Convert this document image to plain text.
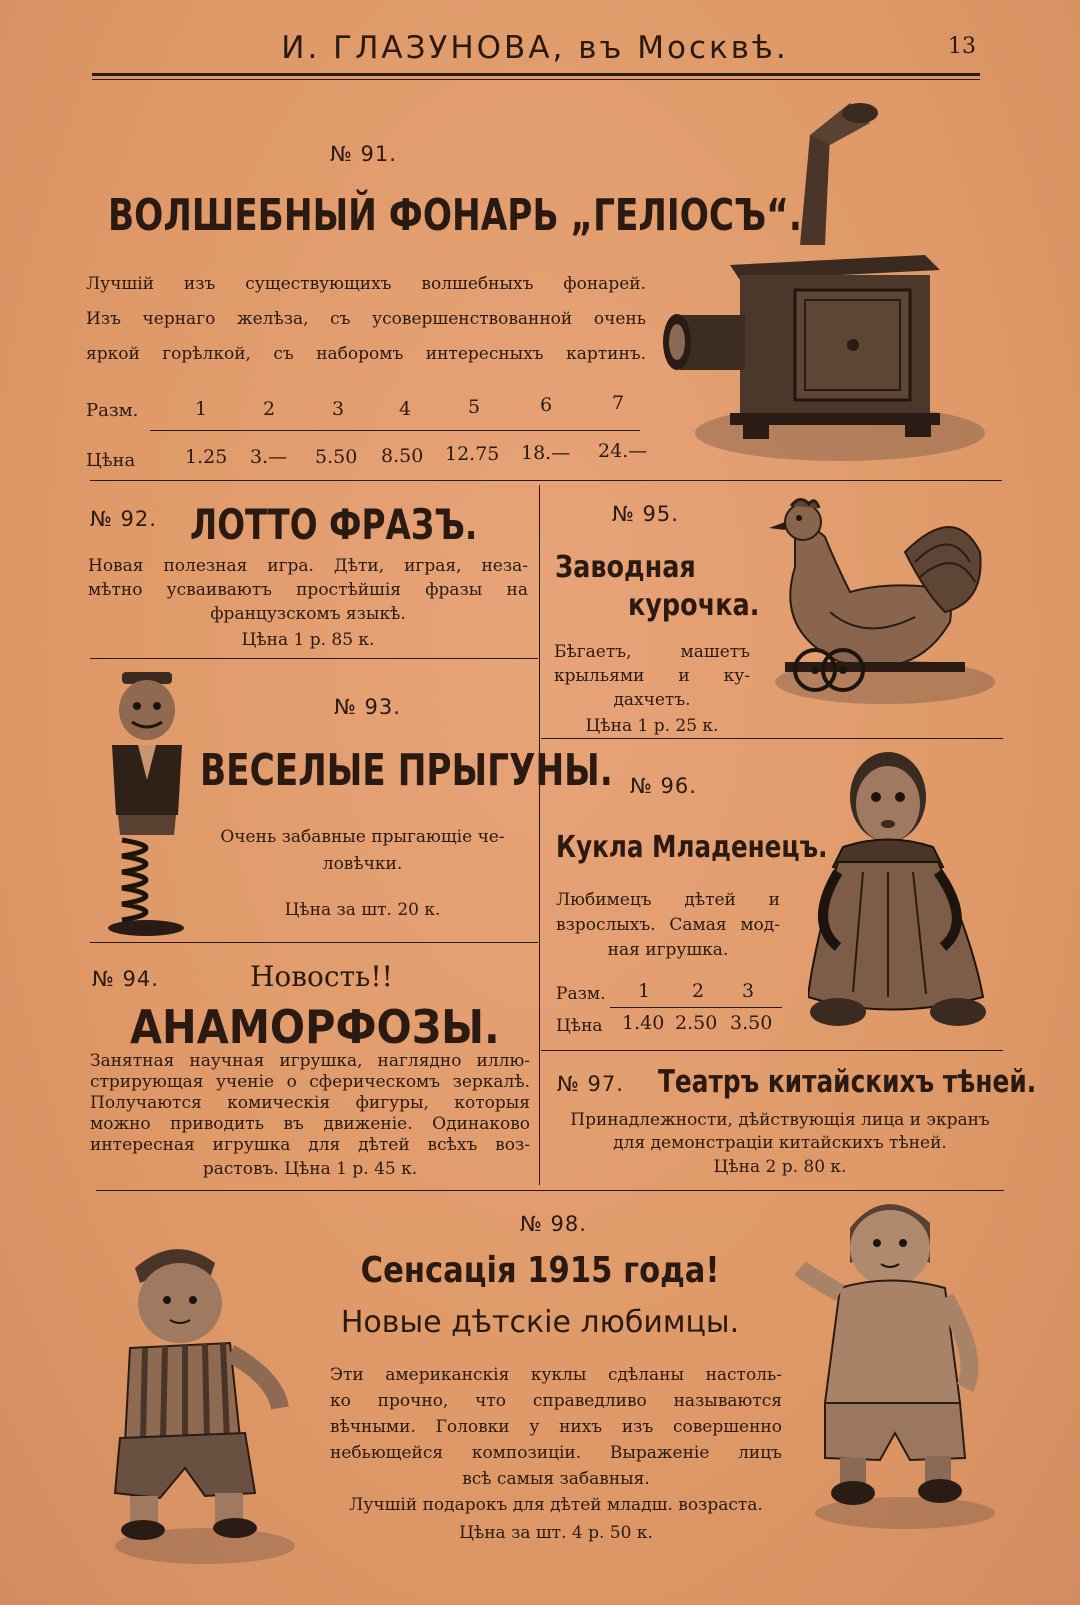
И. ГЛАЗУНОВА, въ Москвѣ.	13
№ 91.
ВОЛШЕБНЫЙ ФОНАРЬ „ГЕЛІОСЪ“.
Лучшій изъ существующихъ волшебныхъ фонарей.
Изъ чернаго желѣза, съ усовершенствованной очень
яркой горѣлкой, съ наборомъ интересныхъ картинъ.
Разм.	1	2	3	4	5	6	7
Цѣна	1.25 3.— 5.50 8.50 12.75 18.— 24.—
№ 92. ЛОТТО ФРАЗЪ.
Новая полезная игра. Дѣти, играя, неза-
мѣтно усваиваютъ простѣйшія фразы на
французскомъ языкѣ.
Цѣна 1 р. 85 к.
№ 93.
ВЕСЕЛЫЕ ПРЫГУНЫ.
Очень забавные прыгающіе че-
ловѣчки.
Цѣна за шт. 20 к.
№ 94.	Новость!!
АНАМОРФОЗЫ.
Занятная научная игрушка, наглядно иллю-
стрирующая ученіе о сферическомъ зеркалѣ.
Получаются комическія фигуры, которыя
можно приводить въ движеніе. Одинаково
интересная игрушка для дѣтей всѣхъ воз-
растовъ. Цѣна 1 р. 45 к.
№ 95.
Заводная
курочка.
Бѣгаетъ, машетъ
крыльями и ку-
дахчетъ.
Цѣна 1 р. 25 к.
№ 96.
Кукла Младенецъ.
Любимецъ дѣтей и
взрослыхъ. Самая мод-
ная игрушка.
Разм. 1 2 3
Цѣна 1.40 2.50 3.50
№ 97. Театръ китайскихъ тѣней.
Принадлежности, дѣйствующія лица и экранъ
для демонстраціи китайскихъ тѣней.
Цѣна 2 р. 80 к.
№ 98.
Сенсація 1915 года!
Новые дѣтскіе любимцы.
Эти американскія куклы сдѣланы настоль-
ко прочно, что справедливо называются
вѣчными. Головки у нихъ изъ совершенно
небьющейся композиціи. Выраженіе лицъ
всѣ самыя забавныя.
Лучшій подарокъ для дѣтей младш. возраста.
Цѣна за шт. 4 р. 50 к.
